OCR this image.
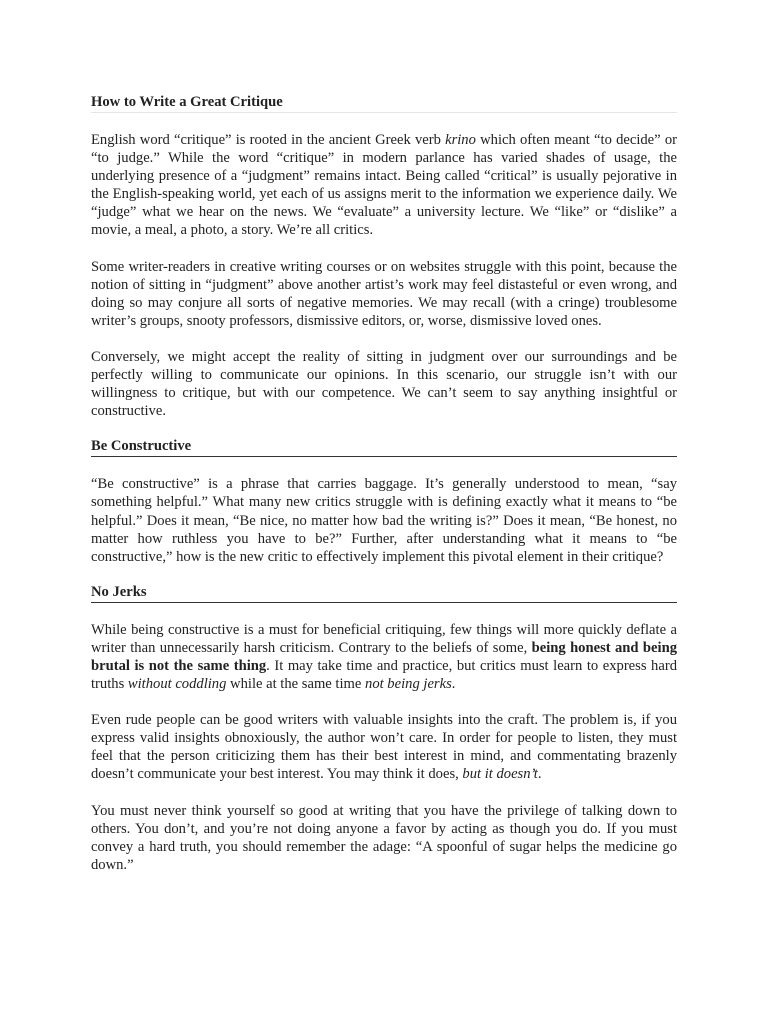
How to Write a Great Critique

English word “critique” is rooted in the ancient Greek verb krino which often meant “to decide” or “to judge.” While the word “critique” in modern parlance has varied shades of usage, the underlying presence of a “judgment” remains intact. Being called “critical” is usually pejorative in the English-speaking world, yet each of us assigns merit to the information we experience daily. We “judge” what we hear on the news. We “evaluate” a university lecture. We “like” or “dislike” a movie, a meal, a photo, a story. We’re all critics.

Some writer-readers in creative writing courses or on websites struggle with this point, because the notion of sitting in “judgment” above another artist’s work may feel distasteful or even wrong, and doing so may conjure all sorts of negative memories. We may recall (with a cringe) troublesome writer’s groups, snooty professors, dismissive editors, or, worse, dismissive loved ones.

Conversely, we might accept the reality of sitting in judgment over our surroundings and be perfectly willing to communicate our opinions. In this scenario, our struggle isn’t with our willingness to critique, but with our competence. We can’t seem to say anything insightful or constructive.

Be Constructive

“Be constructive” is a phrase that carries baggage. It’s generally understood to mean, “say something helpful.” What many new critics struggle with is defining exactly what it means to “be helpful.” Does it mean, “Be nice, no matter how bad the writing is?” Does it mean, “Be honest, no matter how ruthless you have to be?” Further, after understanding what it means to “be constructive,” how is the new critic to effectively implement this pivotal element in their critique?

No Jerks

While being constructive is a must for beneficial critiquing, few things will more quickly deflate a writer than unnecessarily harsh criticism. Contrary to the beliefs of some, being honest and being brutal is not the same thing. It may take time and practice, but critics must learn to express hard truths without coddling while at the same time not being jerks.

Even rude people can be good writers with valuable insights into the craft. The problem is, if you express valid insights obnoxiously, the author won’t care. In order for people to listen, they must feel that the person criticizing them has their best interest in mind, and commentating brazenly doesn’t communicate your best interest. You may think it does, but it doesn’t.

You must never think yourself so good at writing that you have the privilege of talking down to others. You don’t, and you’re not doing anyone a favor by acting as though you do. If you must convey a hard truth, you should remember the adage: “A spoonful of sugar helps the medicine go down.”
